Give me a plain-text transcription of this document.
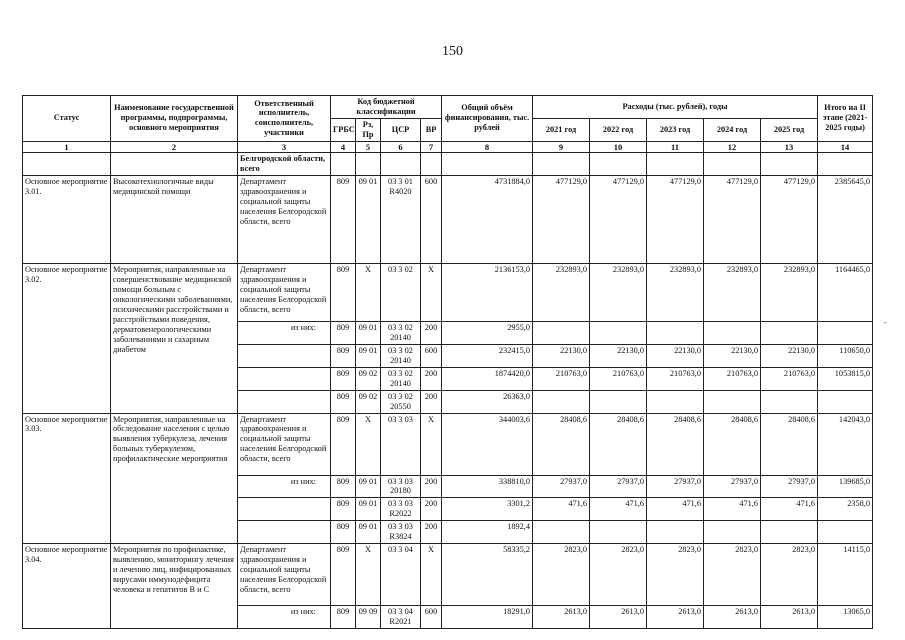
150
-
Статус	Наименование государственной программы, подпрограммы, основного мероприятия	Ответственный исполнитель, соисполнитель, участники	Код бюджетной классификации				Общий объём финансирования, тыс. рублей	Расходы (тыс. рублей), годы					Итого на II этапе (2021-2025 годы)
			ГРБС	Рз, Пр	ЦСР	ВР		2021 год	2022 год	2023 год	2024 год	2025 год	
1	2	3	4	5	6	7	8	9	10	11	12	13	14
		Белгородской области, всего											
Основное мероприятие 3.01.	Высокотехнологичные виды медицинской помощи	Департамент здравоохранения и социальной защиты населения Белгородской области, всего	809	09 01	03 3 01 R4020	600	4731884,0	477129,0	477129,0	477129,0	477129,0	477129,0	2385645,0
Основное мероприятие 3.02.	Мероприятия, направленные на совершенствование медицинской помощи больным с онкологическими заболеваниями, психическими расстройствами и расстройствами поведения, дерматовенерологическими заболеваниями и сахарным диабетом	Департамент здравоохранения и социальной защиты населения Белгородской области, всего	809	Х	03 3 02	Х	2136153,0	232893,0	232893,0	232893,0	232893,0	232893,0	1164465,0
		из них:	809	09 01	03 3 02 20140	200	2955,0						
			809	09 01	03 3 02 20140	600	232415,0	22130,0	22130,0	22130,0	22130,0	22130,0	110650,0
			809	09 02	03 3 02 20140	200	1874420,0	210763,0	210763,0	210763,0	210763,0	210763,0	1053815,0
			809	09 02	03 3 02 20550	200	26363,0						
Основное мероприятие 3.03.	Мероприятия, направленные на обследование населения с целью выявления туберкулеза, лечения больных туберкулезом, профилактические мероприятия	Департамент здравоохранения и социальной защиты населения Белгородской области, всего	809	Х	03 3 03	Х	344003,6	28408,6	28408,6	28408,6	28408,6	28408,6	142043,0
		из них:	809	09 01	03 3 03 20180	200	338810,0	27937,0	27937,0	27937,0	27937,0	27937,0	139685,0
			809	09 01	03 3 03 R2022	200	3301,2	471,6	471,6	471,6	471,6	471,6	2358,0
			809	09 01	03 3 03 R3824	200	1892,4						
Основное мероприятие 3.04.	Мероприятия по профилактике, выявлению, мониторингу лечения и лечению лиц, инфицированных вирусами иммунодефицита человека и гепатитов В и С	Департамент здравоохранения и социальной защиты населения Белгородской области, всего	809	Х	03 3 04	Х	58335,2	2823,0	2823,0	2823,0	2823,0	2823,0	14115,0
		из них:	809	09 09	03 3 04 R2021	600	18291,0	2613,0	2613,0	2613,0	2613,0	2613,0	13065,0
